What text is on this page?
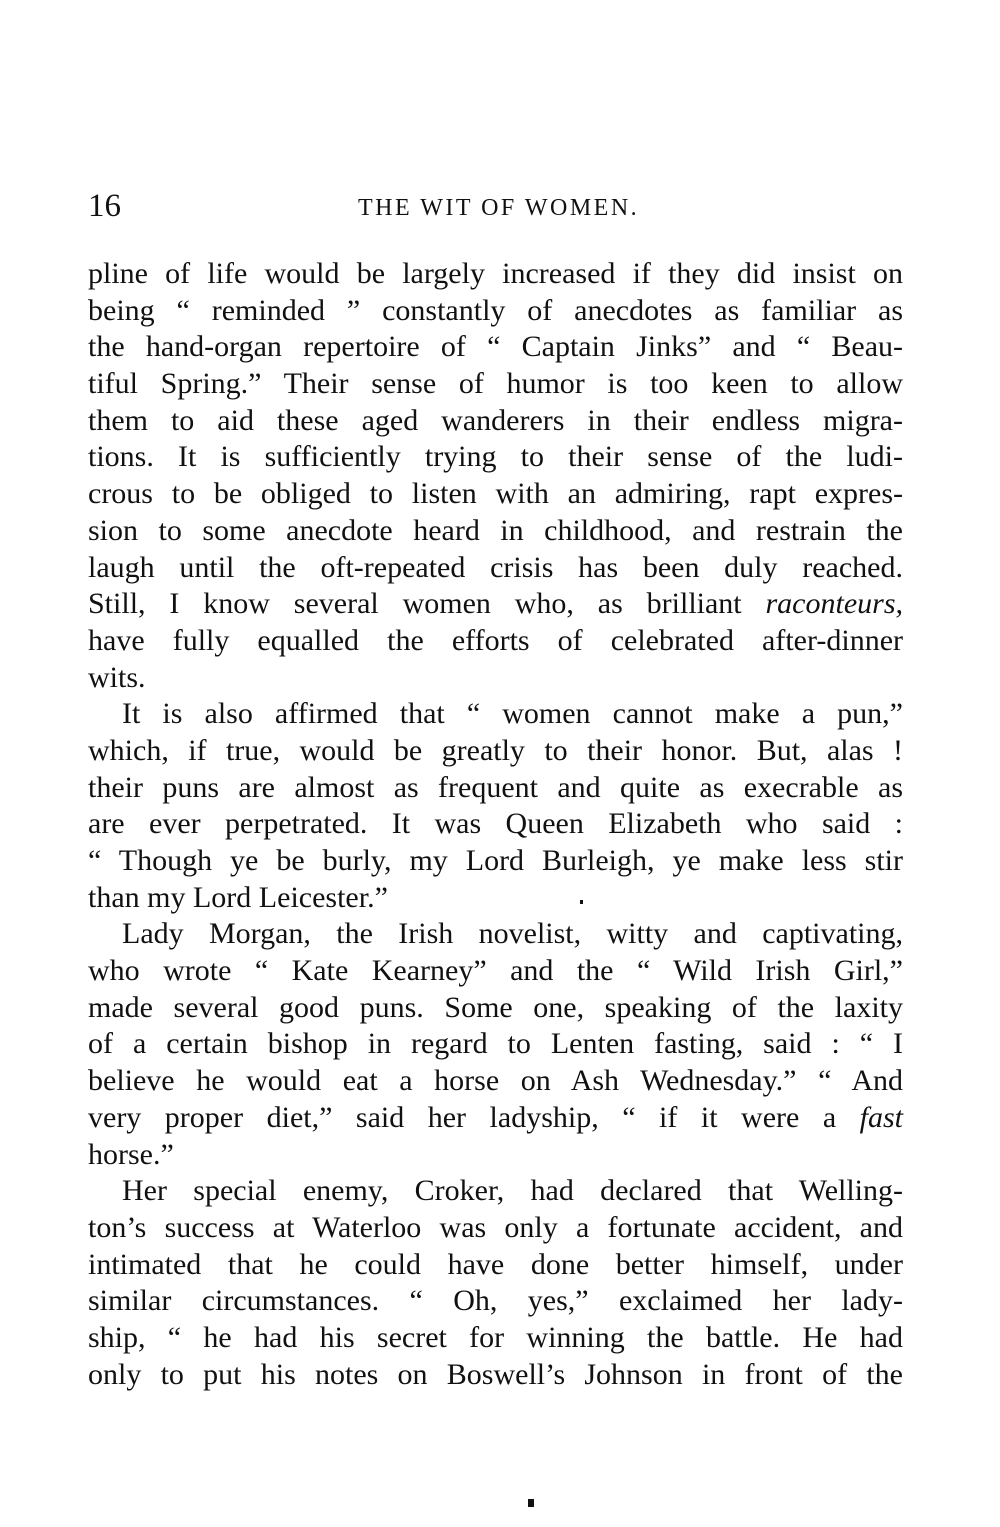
16	THE WIT OF WOMEN.
pline of life would be largely increased if they did insist on
being “ reminded ” constantly of anecdotes as familiar as
the hand-organ repertoire of “ Captain Jinks” and “ Beau-
tiful Spring.” Their sense of humor is too keen to allow
them to aid these aged wanderers in their endless migra-
tions. It is sufficiently trying to their sense of the ludi-
crous to be obliged to listen with an admiring, rapt expres-
sion to some anecdote heard in childhood, and restrain the
laugh until the oft-repeated crisis has been duly reached.
Still, I know several women who, as brilliant raconteurs,
have fully equalled the efforts of celebrated after-dinner
wits.
It is also affirmed that “ women cannot make a pun,”
which, if true, would be greatly to their honor. But, alas !
their puns are almost as frequent and quite as execrable as
are ever perpetrated. It was Queen Elizabeth who said :
“ Though ye be burly, my Lord Burleigh, ye make less stir
than my Lord Leicester.”
Lady Morgan, the Irish novelist, witty and captivating,
who wrote “ Kate Kearney” and the “ Wild Irish Girl,”
made several good puns. Some one, speaking of the laxity
of a certain bishop in regard to Lenten fasting, said : “ I
believe he would eat a horse on Ash Wednesday.” “ And
very proper diet,” said her ladyship, “ if it were a fast
horse.”
Her special enemy, Croker, had declared that Welling-
ton’s success at Waterloo was only a fortunate accident, and
intimated that he could have done better himself, under
similar circumstances. “ Oh, yes,” exclaimed her lady-
ship, “ he had his secret for winning the battle. He had
only to put his notes on Boswell’s Johnson in front of the
